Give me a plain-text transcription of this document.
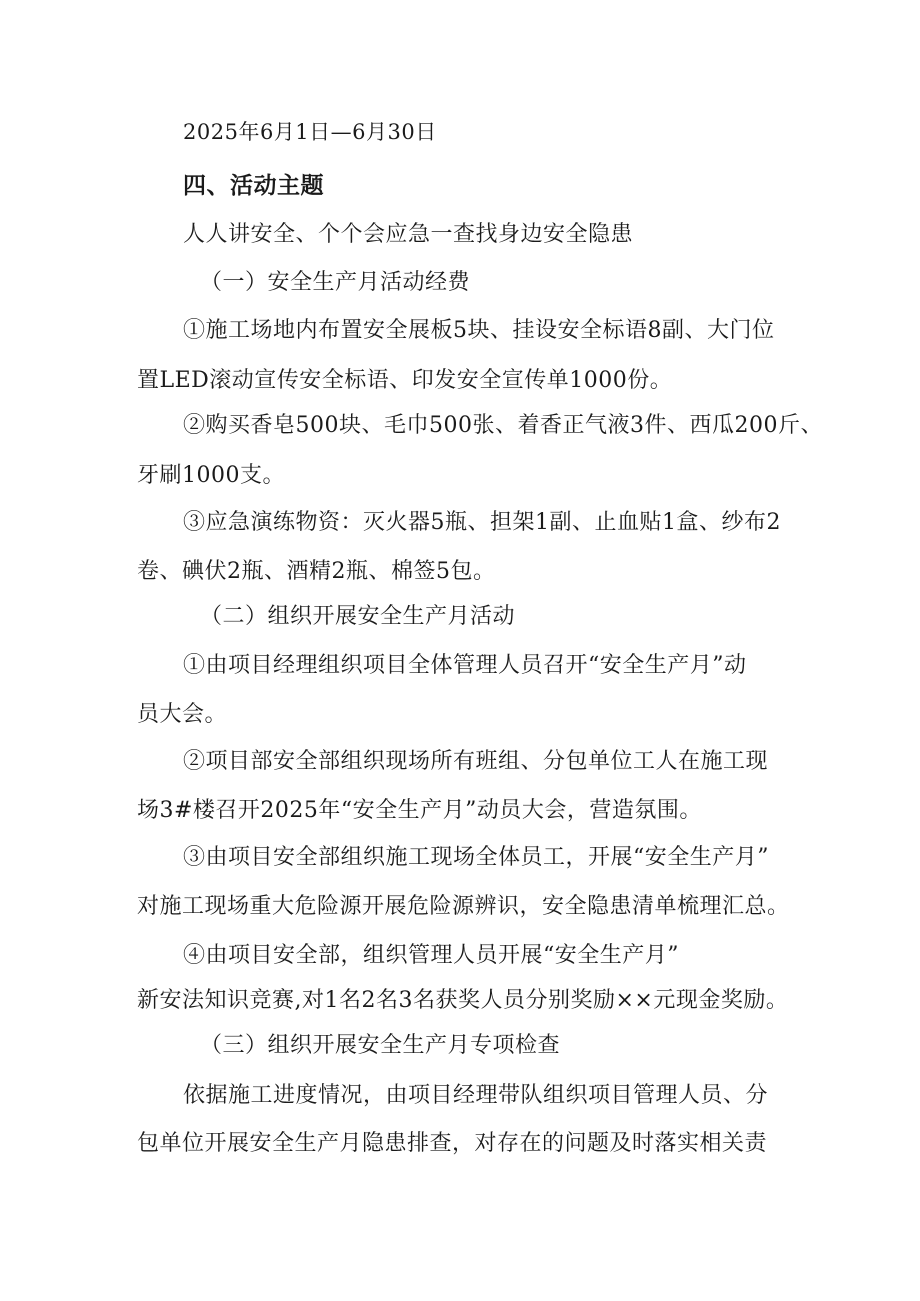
2025年6月1日—6月30日
四、活动主题
人人讲安全、个个会应急一查找身边安全隐患
（一）安全生产月活动经费
①施工场地内布置安全展板5块、挂设安全标语8副、大门位
置LED滚动宣传安全标语、印发安全宣传单1000份。
②购买香皂500块、毛巾500张、着香正气液3件、西瓜200斤、
牙刷1000支。
③应急演练物资：灭火器5瓶、担架1副、止血贴1盒、纱布2
卷、碘伏2瓶、酒精2瓶、棉签5包。
（二）组织开展安全生产月活动
①由项目经理组织项目全体管理人员召开“安全生产月”动
员大会。
②项目部安全部组织现场所有班组、分包单位工人在施工现
场3#楼召开2025年“安全生产月”动员大会，营造氛围。
③由项目安全部组织施工现场全体员工，开展“安全生产月”
对施工现场重大危险源开展危险源辨识，安全隐患清单梳理汇总。
④由项目安全部，组织管理人员开展“安全生产月”
新安法知识竞赛,对1名2名3名获奖人员分别奖励××元现金奖励。
（三）组织开展安全生产月专项检查
依据施工进度情况，由项目经理带队组织项目管理人员、分
包单位开展安全生产月隐患排查，对存在的问题及时落实相关责
